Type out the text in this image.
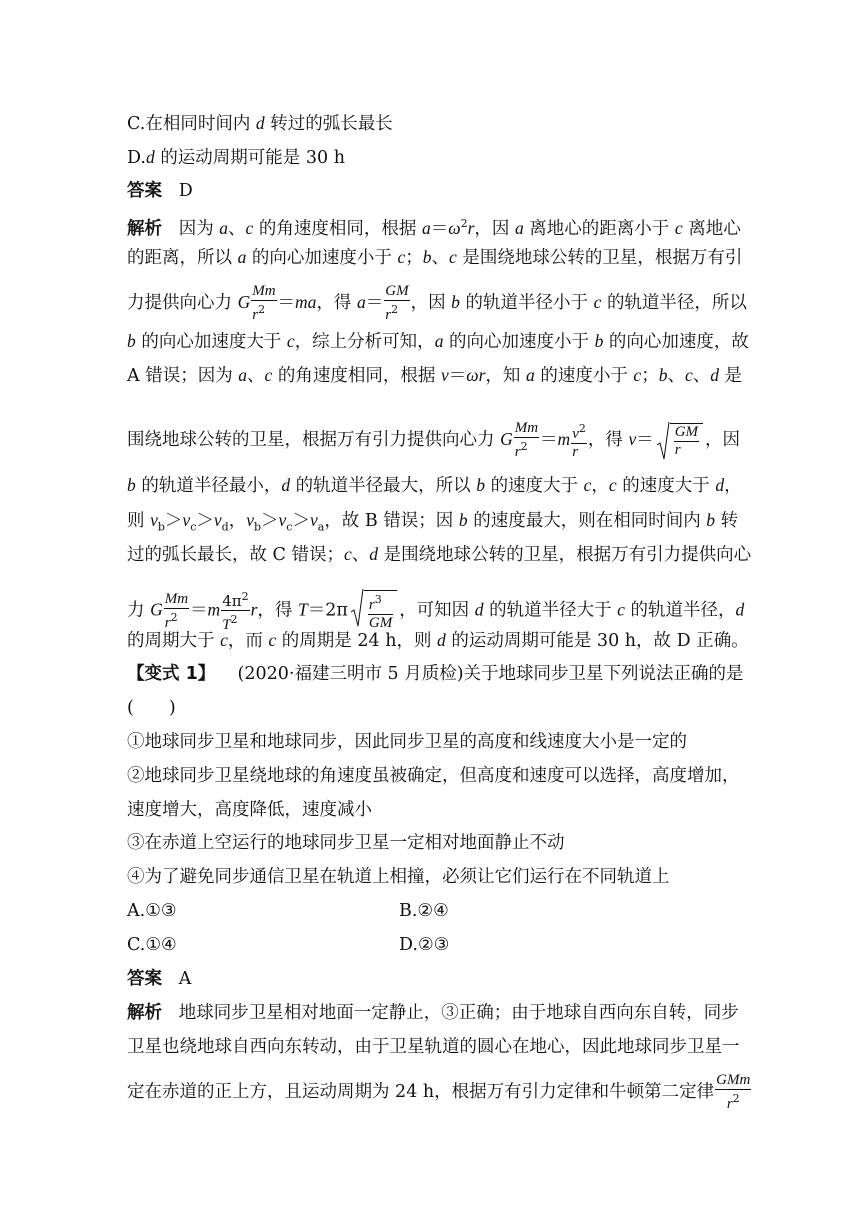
C.在相同时间内 d 转过的弧长最长
D.d 的运动周期可能是 30 h
答案 D
解析 因为 a、c 的角速度相同，根据 $a=\omega^2r$，因 a 离地心的距离小于 c 离地心
的距离，所以 a 的向心加速度小于 c；b、c 是围绕地球公转的卫星，根据万有引
力提供向心力 G $\frac{Mm}{r^2} =ma$，得 $a= \frac{GM}{r^2}$ ，因 b 的轨道半径小于 c 的轨道半径，所以
b 的向心加速度大于 c，综上分析可知，a 的向心加速度小于 b 的向心加速度，故
A 错误；因为 a、c 的角速度相同，根据 v＝ωr，知 a 的速度小于 c；b、c、d 是
围绕地球公转的卫星，根据万有引力提供向心力 G $\frac{Mm}{r^2} =m \frac{v^2}{r}$ ，得 $v= \frac{GM}{r}$ ，因
b 的轨道半径最小，d 的轨道半径最大，所以 b 的速度大于 c，c 的速度大于 d，
则 $v_b>v_c>v_d$，$v_b>v_c>v_a$，故 B 错误；因 b 的速度最大，则在相同时间内 b 转
过的弧长最长，故 C 错误；c、d 是围绕地球公转的卫星，根据万有引力提供向心
力 G $\frac{Mm}{r^2} =m \frac{4\pi^2}{T^2}$ r，得 $T=2\pi \frac{r^3}{GM}$ ，可知因 d 的轨道半径大于 c 的轨道半径，d
的周期大于 c，而 c 的周期是 24 h，则 d 的运动周期可能是 30 h，故 D 正确。
【变式 1】 (2020·福建三明市 5 月质检)关于地球同步卫星下列说法正确的是
(　　)
①地球同步卫星和地球同步，因此同步卫星的高度和线速度大小是一定的
②地球同步卫星绕地球的角速度虽被确定，但高度和速度可以选择，高度增加，
速度增大，高度降低，速度减小
③在赤道上空运行的地球同步卫星一定相对地面静止不动
④为了避免同步通信卫星在轨道上相撞，必须让它们运行在不同轨道上
A.①③	B.②④
C.①④	D.②③
答案 A
解析 地球同步卫星相对地面一定静止，③正确；由于地球自西向东自转，同步
卫星也绕地球自西向东转动，由于卫星轨道的圆心在地心，因此地球同步卫星一
定在赤道的正上方，且运动周期为 24 h，根据万有引力定律和牛顿第二定律 $\frac{\text{GMm}}{r^2}$
